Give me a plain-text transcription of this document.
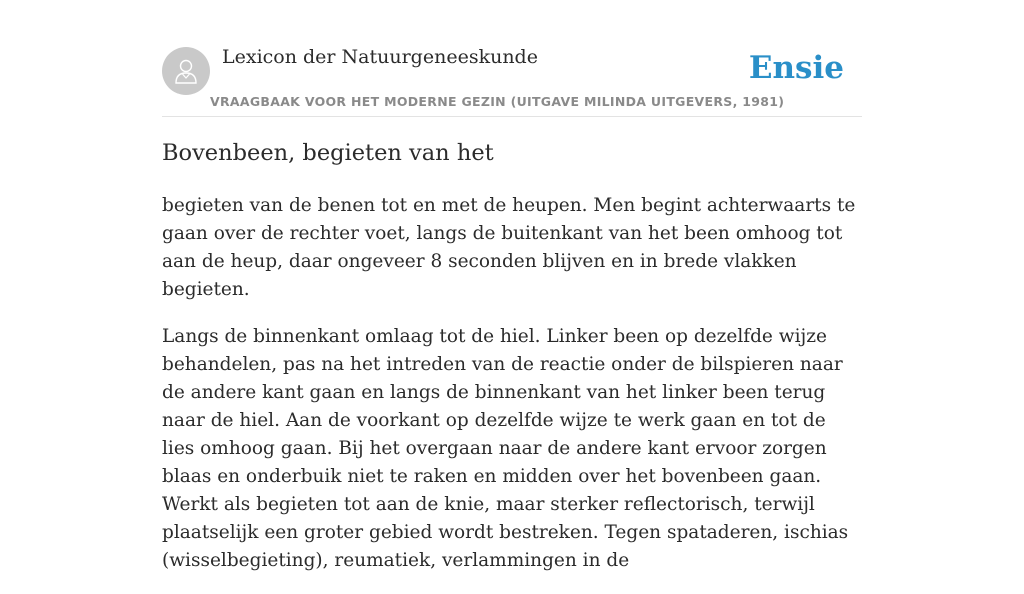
Lexicon der Natuurgeneeskunde
VRAAGBAAK VOOR HET MODERNE GEZIN (UITGAVE MILINDA UITGEVERS, 1981)
Ensie
Bovenbeen, begieten van het

begieten van de benen tot en met de heupen. Men begint achterwaarts te gaan over de rechter voet, langs de buitenkant van het been omhoog tot aan de heup, daar ongeveer 8 seconden blijven en in brede vlakken begieten.

Langs de binnenkant omlaag tot de hiel. Linker been op dezelfde wijze behandelen, pas na het intreden van de reactie onder de bilspieren naar de andere kant gaan en langs de binnenkant van het linker been terug naar de hiel. Aan de voorkant op dezelfde wijze te werk gaan en tot de lies omhoog gaan. Bij het overgaan naar de andere kant ervoor zorgen blaas en onderbuik niet te raken en midden over het bovenbeen gaan. Werkt als begieten tot aan de knie, maar sterker reflectorisch, terwijl plaatselijk een groter gebied wordt bestreken. Tegen spataderen, ischias (wisselbegieting), reumatiek, verlammingen in de
